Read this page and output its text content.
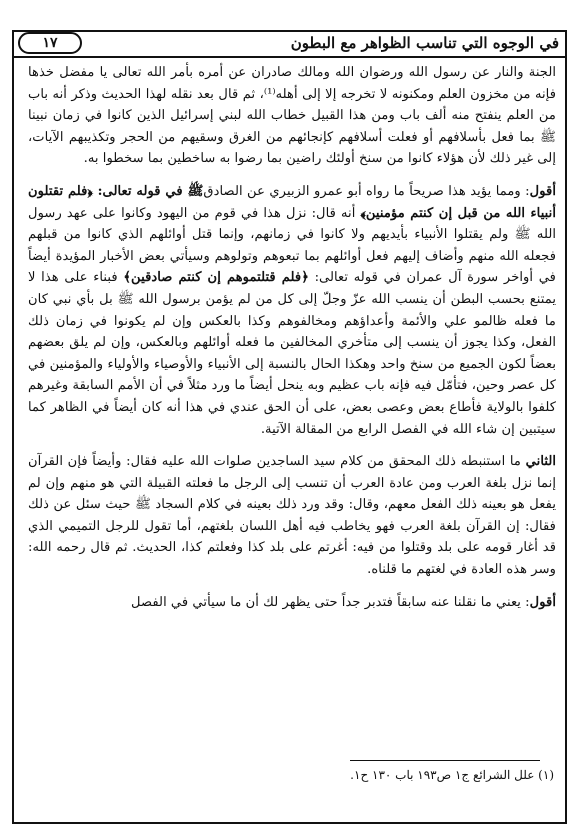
في الوجوه التي تناسب الظواهر مع البطون
١٧

الجنة والنار عن رسول الله ورضوان الله ومالك صادران عن أمره بأمر الله تعالى يا مفضل خذها فإنه من مخزون العلم ومكنونه لا تخرجه إلا إلى أهله⁽¹⁾، ثم قال بعد نقله لهذا الحديث وذكر أنه باب من العلم ينفتح منه ألف باب ومن هذا القبيل خطاب الله لبني إسرائيل الذين كانوا في زمان نبينا ﷺ بما فعل بأسلافهم أو فعلت أسلافهم كإنجائهم من الغرق وسقيهم من الحجر وتكذيبهم الآيات، إلى غير ذلك لأن هؤلاء كانوا من سنخ أولئك راضين بما رضوا به ساخطين بما سخطوا به.

أقول: ومما يؤيد هذا صريحاً ما رواه أبو عمرو الزبيري عن الصادقﷺ في قوله تعالى: ﴿فلم تقتلون أنبياء الله من قبل إن كنتم مؤمنين﴾ أنه قال: نزل هذا في قوم من اليهود وكانوا على عهد رسول الله ﷺ ولم يقتلوا الأنبياء بأيديهم ولا كانوا في زمانهم، وإنما قتل أوائلهم الذي كانوا من قبلهم فجعله الله منهم وأضاف إليهم فعل أوائلهم بما تبعوهم وتولوهم وسيأتي بعض الأخبار المؤيدة أيضاً في أواخر سورة آل عمران في قوله تعالى: ﴿فلم قتلتموهم إن كنتم صادقين﴾ فبناء على هذا لا يمتنع بحسب البطن أن ينسب الله عزّ وجلّ إلى كل من لم يؤمن برسول الله ﷺ بل بأي نبي كان ما فعله ظالمو علي والأئمة وأعداؤهم ومخالفوهم وكذا بالعكس وإن لم يكونوا في زمان ذلك الفعل، وكذا يجوز أن ينسب إلى متأخري المخالفين ما فعله أوائلهم وبالعكس، وإن لم يلق بعضهم بعضاً لكون الجميع من سنخ واحد وهكذا الحال بالنسبة إلى الأنبياء والأوصياء والأولياء والمؤمنين في كل عصر وحين، فتأمّل فيه فإنه باب عظيم وبه ينحل أيضاً ما ورد مثلاً في أن الأمم السابقة وغيرهم كلفوا بالولاية فأطاع بعض وعصى بعض، على أن الحق عندي في هذا أنه كان أيضاً في الظاهر كما سيتبين إن شاء الله في الفصل الرابع من المقالة الآتية.

الثاني ما استنبطه ذلك المحقق من كلام سيد الساجدين صلوات الله عليه فقال: وأيضاً فإن القرآن إنما نزل بلغة العرب ومن عادة العرب أن تنسب إلى الرجل ما فعلته القبيلة التي هو منهم وإن لم يفعل هو بعينه ذلك الفعل معهم، وقال: وقد ورد ذلك بعينه في كلام السجاد ﷺ حيث سئل عن ذلك فقال: إن القرآن بلغة العرب فهو يخاطب فيه أهل اللسان بلغتهم، أما تقول للرجل التميمي الذي قد أغار قومه على بلد وقتلوا من فيه: أغرتم على بلد كذا وفعلتم كذا، الحديث. ثم قال رحمه الله: وسر هذه العادة في لغتهم ما قلناه.

أقول: يعني ما نقلنا عنه سابقاً فتدبر جداً حتى يظهر لك أن ما سيأتي في الفصل

(١) علل الشرائع ج١ ص١٩٣ باب ١٣٠ ح١.
